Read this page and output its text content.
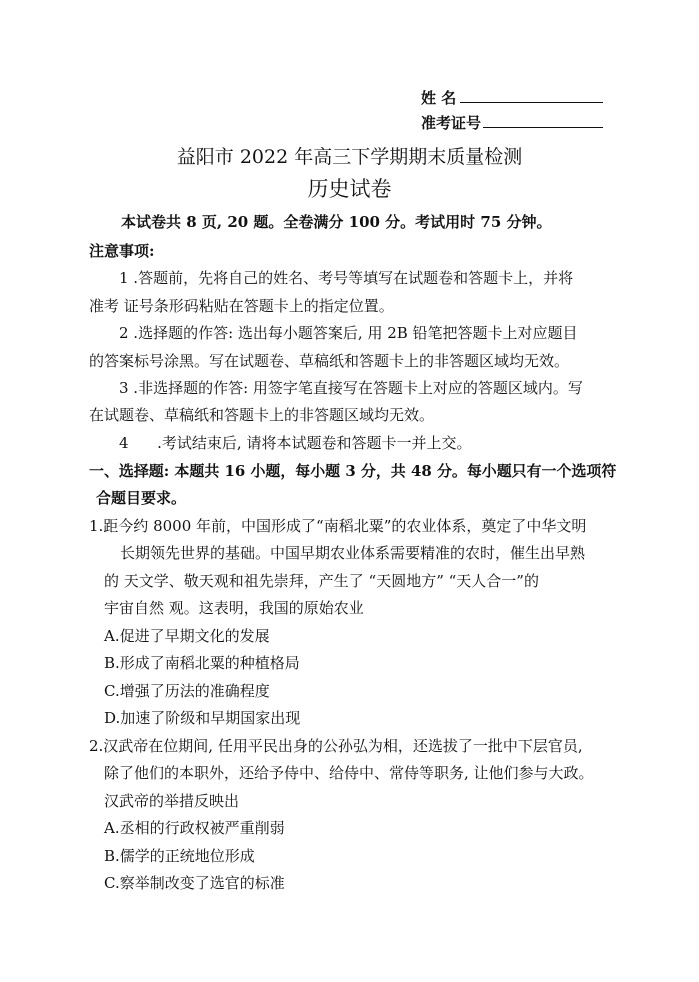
姓 名
准考证号
益阳市 2022 年高三下学期期末质量检测
历史试卷
本试卷共 8 页, 20 题。全卷满分 100 分。考试用时 75 分钟。
注意事项:
1 .答题前，先将自己的姓名、考号等填写在试题卷和答题卡上，并将
准考 证号条形码粘贴在答题卡上的指定位置。
2 .选择题的作答: 选出每小题答案后, 用 2B 铅笔把答题卡上对应题目
的答案标号涂黑。写在试题卷、草稿纸和答题卡上的非答题区域均无效。
3 .非选择题的作答: 用签字笔直接写在答题卡上对应的答题区域内。写
在试题卷、草稿纸和答题卡上的非答题区域均无效。
4      .考试结束后, 请将本试题卷和答题卡一并上交。
一、选择题: 本题共 16 小题，每小题 3 分，共 48 分。每小题只有一个选项符
合题目要求。
1.距今约 8000 年前，中国形成了“南稻北粟”的农业体系，奠定了中华文明
长期领先世界的基础。中国早期农业体系需要精准的农时，催生出早熟
的 天文学、敬天观和祖先崇拜，产生了 “天圆地方” “天人合一”的
宇宙自然 观。这表明，我国的原始农业
A.促进了早期文化的发展
B.形成了南稻北粟的种植格局
C.增强了历法的准确程度
D.加速了阶级和早期国家出现
2.汉武帝在位期间, 任用平民出身的公孙弘为相，还选拔了一批中下层官员,
除了他们的本职外，还给予侍中、给侍中、常侍等职务, 让他们参与大政。
汉武帝的举措反映出
A.丞相的行政权被严重削弱
B.儒学的正统地位形成
C.察举制改变了选官的标准
